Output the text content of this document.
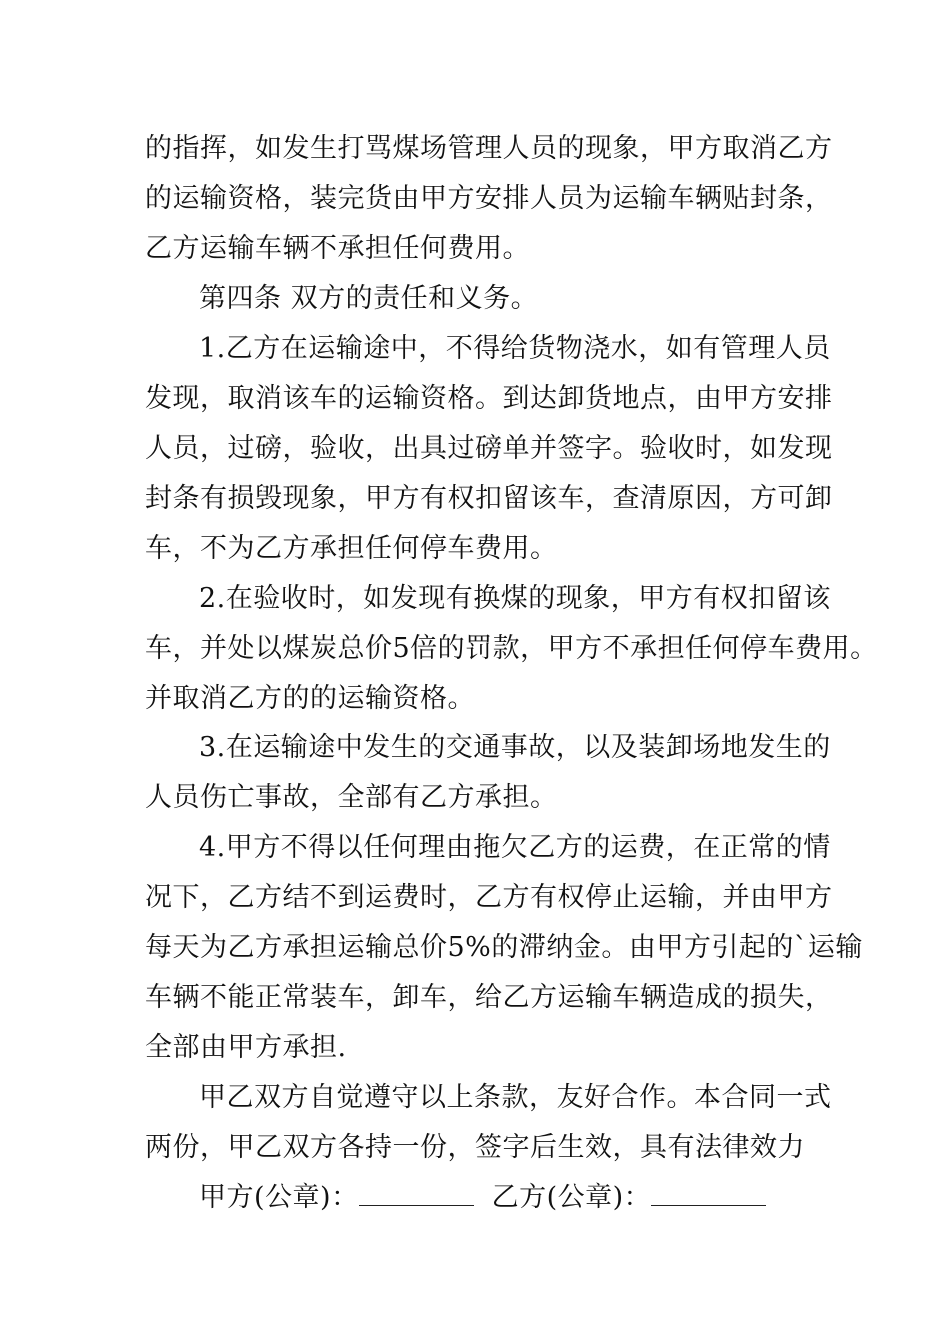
的指挥，如发生打骂煤场管理人员的现象，甲方取消乙方
的运输资格，装完货由甲方安排人员为运输车辆贴封条，
乙方运输车辆不承担任何费用。
第四条 双方的责任和义务。
1.乙方在运输途中，不得给货物浇水，如有管理人员
发现，取消该车的运输资格。到达卸货地点，由甲方安排
人员，过磅，验收，出具过磅单并签字。验收时，如发现
封条有损毁现象，甲方有权扣留该车，查清原因，方可卸
车，不为乙方承担任何停车费用。
2.在验收时，如发现有换煤的现象，甲方有权扣留该
车，并处以煤炭总价5倍的罚款，甲方不承担任何停车费用。
并取消乙方的的运输资格。
3.在运输途中发生的交通事故，以及装卸场地发生的
人员伤亡事故，全部有乙方承担。
4.甲方不得以任何理由拖欠乙方的运费，在正常的情
况下，乙方结不到运费时，乙方有权停止运输，并由甲方
每天为乙方承担运输总价5%的滞纳金。由甲方引起的`运输
车辆不能正常装车，卸车，给乙方运输车辆造成的损失，
全部由甲方承担.
甲乙双方自觉遵守以上条款，友好合作。本合同一式
两份，甲乙双方各持一份，签字后生效，具有法律效力
甲方(公章)：	乙方(公章)：
